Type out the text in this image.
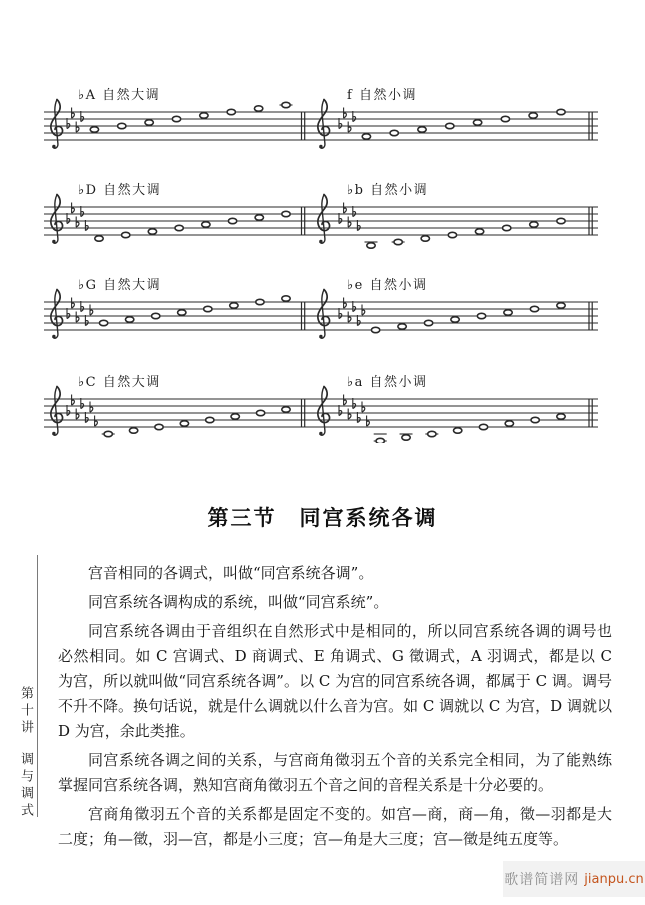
♭A 自然大调	f 自然小调
♭D 自然大调	♭b 自然小调
♭G 自然大调	♭e 自然小调
♭C 自然大调	♭a 自然小调
第三节　同宫系统各调

宫音相同的各调式，叫做“同宫系统各调”。

同宫系统各调构成的系统，叫做“同宫系统”。

同宫系统各调由于音组织在自然形式中是相同的，所以同宫系统各调的调号也必然相同。如 C 宫调式、D 商调式、E 角调式、G 徵调式，A 羽调式，都是以 C 为宫，所以就叫做“同宫系统各调”。以 C 为宫的同宫系统各调，都属于 C 调。调号不升不降。换句话说，就是什么调就以什么音为宫。如 C 调就以 C 为宫，D 调就以 D 为宫，余此类推。

同宫系统各调之间的关系，与宫商角徵羽五个音的关系完全相同，为了能熟练掌握同宫系统各调，熟知宫商角徵羽五个音之间的音程关系是十分必要的。

宫商角徵羽五个音的关系都是固定不变的。如宫—商，商—角，徵—羽都是大二度；角—徵，羽—宫，都是小三度；宫—角是大三度；宫—徵是纯五度等。

第十讲
调与调式
歌谱简谱网 jianpu.cn
